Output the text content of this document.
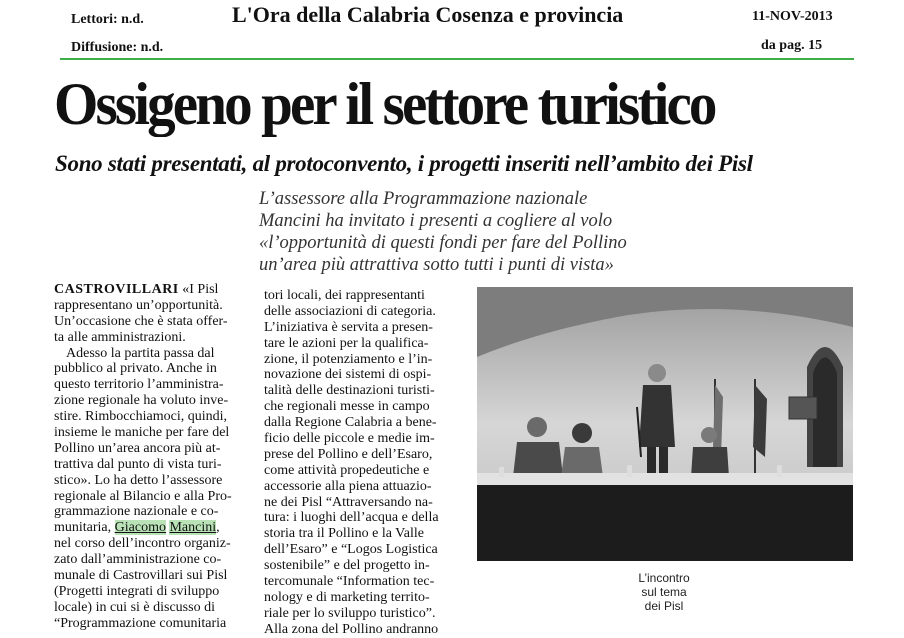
Lettori: n.d.
Diffusione: n.d.
L'Ora della Calabria Cosenza e provincia	11-NOV-2013
da pag. 15
Ossigeno per il settore turistico
Sono stati presentati, al protoconvento, i progetti inseriti nell’ambito dei Pisl
L’assessore alla Programmazione nazionale
Mancini ha invitato i presenti a cogliere al volo
«l’opportunità di questi fondi per fare del Pollino
un’area più attrattiva sotto tutti i punti di vista»
CASTROVILLARI «I Pisl
rappresentano un’opportunità.
Un’occasione che è stata offer-
ta alle amministrazioni.
Adesso la partita passa dal
pubblico al privato. Anche in
questo territorio l’amministra-
zione regionale ha voluto inve-
stire. Rimbocchiamoci, quindi,
insieme le maniche per fare del
Pollino un’area ancora più at-
trattiva dal punto di vista turi-
stico». Lo ha detto l’assessore
regionale al Bilancio e alla Pro-
grammazione nazionale e co-
munitaria, Giacomo Mancini,
nel corso dell’incontro organiz-
zato dall’amministrazione co-
munale di Castrovillari sui Pisl
(Progetti integrati di sviluppo
locale) in cui si è discusso di
“Programmazione comunitaria
tori locali, dei rappresentanti
delle associazioni di categoria.
L’iniziativa è servita a presen-
tare le azioni per la qualifica-
zione, il potenziamento e l’in-
novazione dei sistemi di ospi-
talità delle destinazioni turisti-
che regionali messe in campo
dalla Regione Calabria a bene-
ficio delle piccole e medie im-
prese del Pollino e dell’Esaro,
come attività propedeutiche e
accessorie alla piena attuazio-
ne dei Pisl “Attraversando na-
tura: i luoghi dell’acqua e della
storia tra il Pollino e la Valle
dell’Esaro” e “Logos Logistica
sostenibile” e del progetto in-
tercomunale “Information tec-
nology e di marketing territo-
riale per lo sviluppo turistico”.
Alla zona del Pollino andranno
L’incontro
sul tema
dei Pisl
